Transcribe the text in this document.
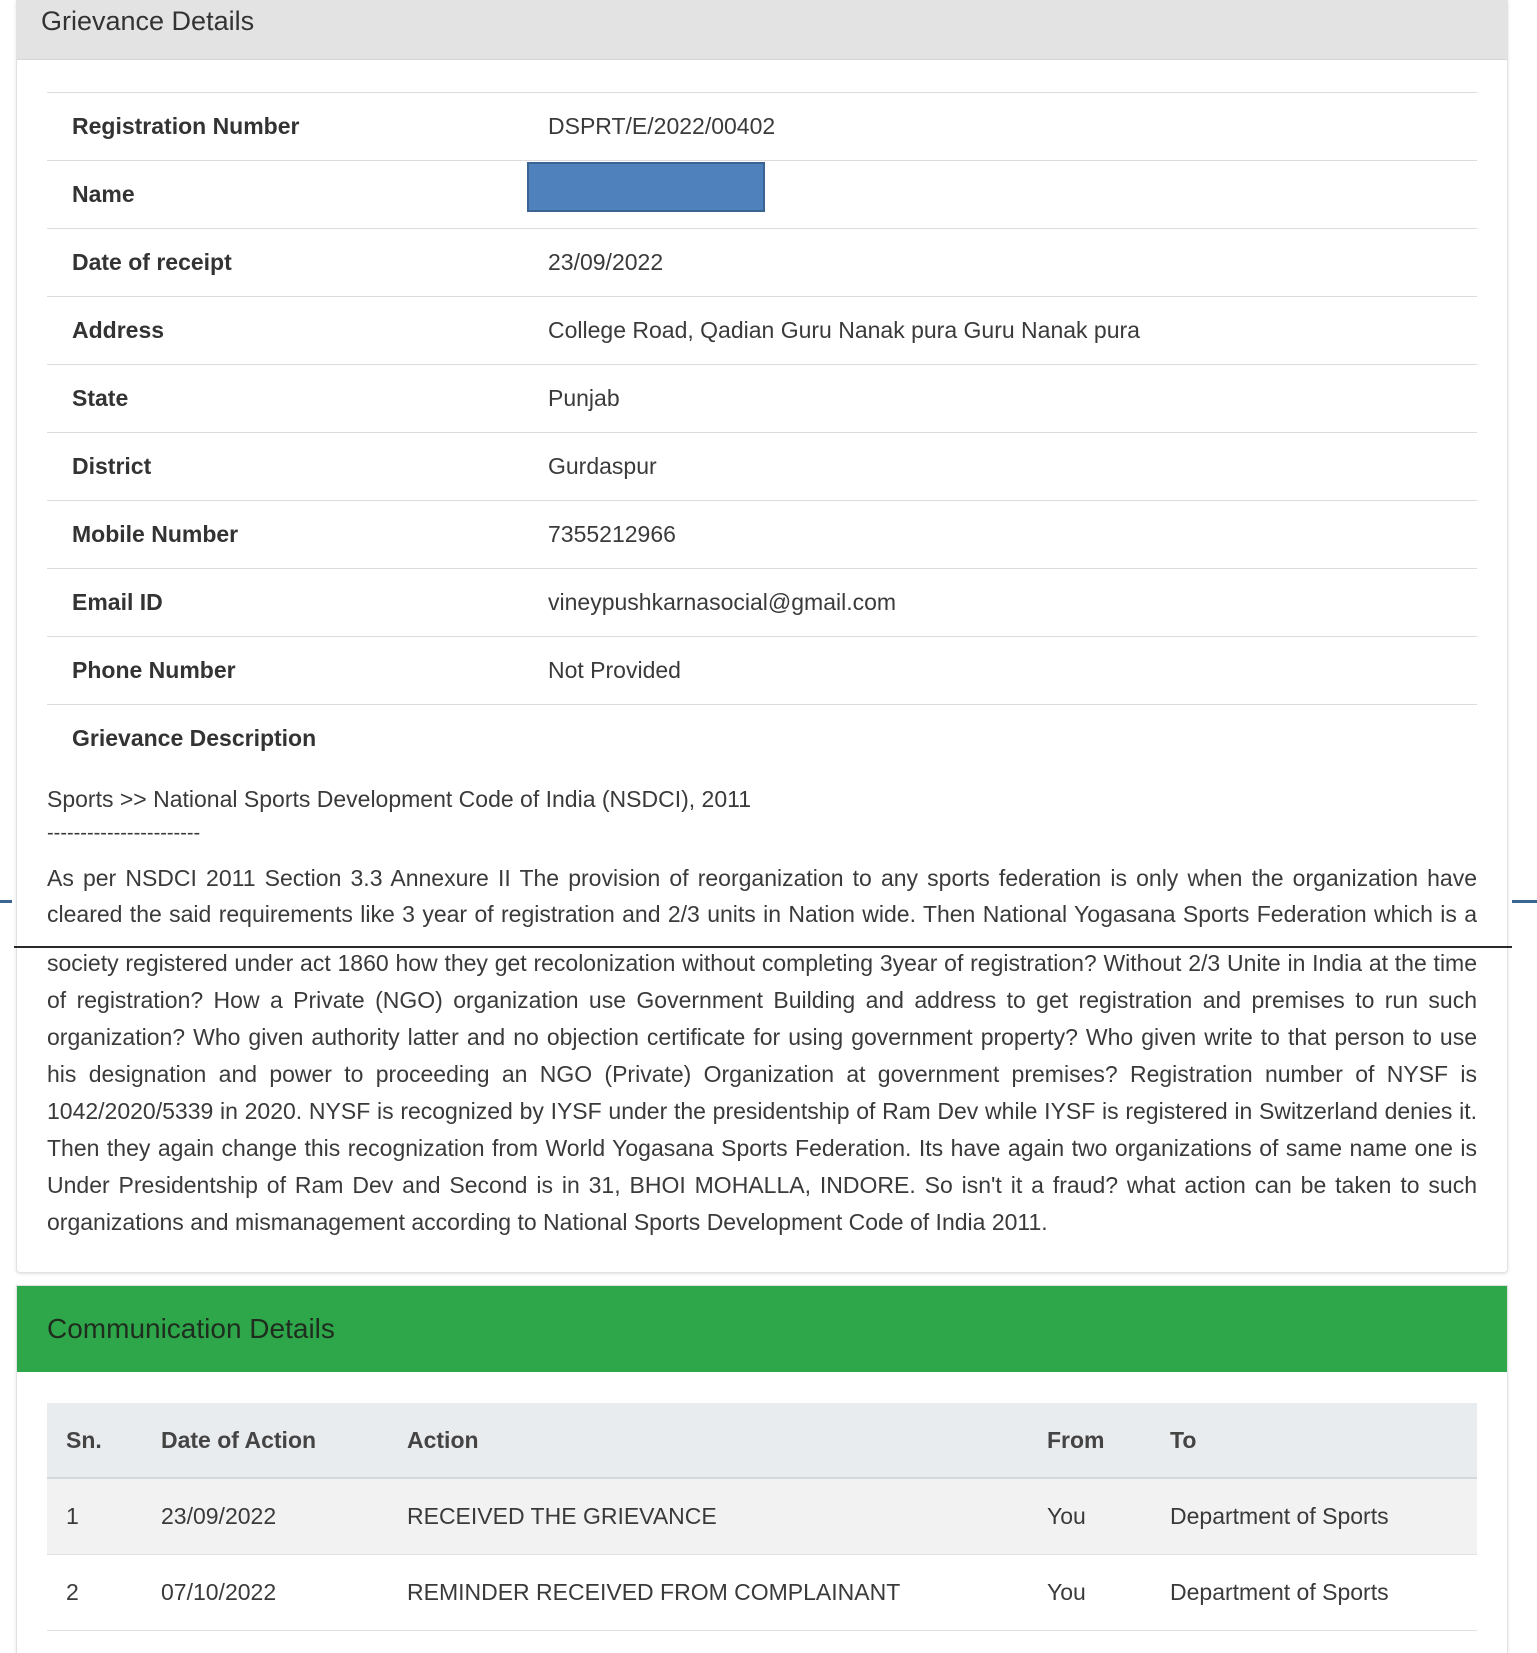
Grievance Details
Registration Number	DSPRT/E/2022/00402
Name
Date of receipt	23/09/2022
Address	College Road, Qadian Guru Nanak pura Guru Nanak pura
State	Punjab
District	Gurdaspur
Mobile Number	7355212966
Email ID	vineypushkarnasocial@gmail.com
Phone Number	Not Provided
Grievance Description
Sports >> National Sports Development Code of India (NSDCI), 2011
-----------------------
As per NSDCI 2011 Section 3.3 Annexure II The provision of reorganization to any sports federation is only when the organization have cleared the said requirements like 3 year of registration and 2/3 units in Nation wide. Then National Yogasana Sports Federation which is a
society registered under act 1860 how they get recolonization without completing 3year of registration? Without 2/3 Unite in India at the time of registration? How a Private (NGO) organization use Government Building and address to get registration and premises to run such organization? Who given authority latter and no objection certificate for using government property? Who given write to that person to use his designation and power to proceeding an NGO (Private) Organization at government premises? Registration number of NYSF is 1042/2020/5339 in 2020. NYSF is recognized by IYSF under the presidentship of Ram Dev while IYSF is registered in Switzerland denies it. Then they again change this recognization from World Yogasana Sports Federation. Its have again two organizations of same name one is Under Presidentship of Ram Dev and Second is in 31, BHOI MOHALLA, INDORE. So isn't it a fraud? what action can be taken to such organizations and mismanagement according to National Sports Development Code of India 2011.
Communication Details
Sn.	Date of Action	Action	From	To
1	23/09/2022	RECEIVED THE GRIEVANCE	You	Department of Sports
2	07/10/2022	REMINDER RECEIVED FROM COMPLAINANT	You	Department of Sports
